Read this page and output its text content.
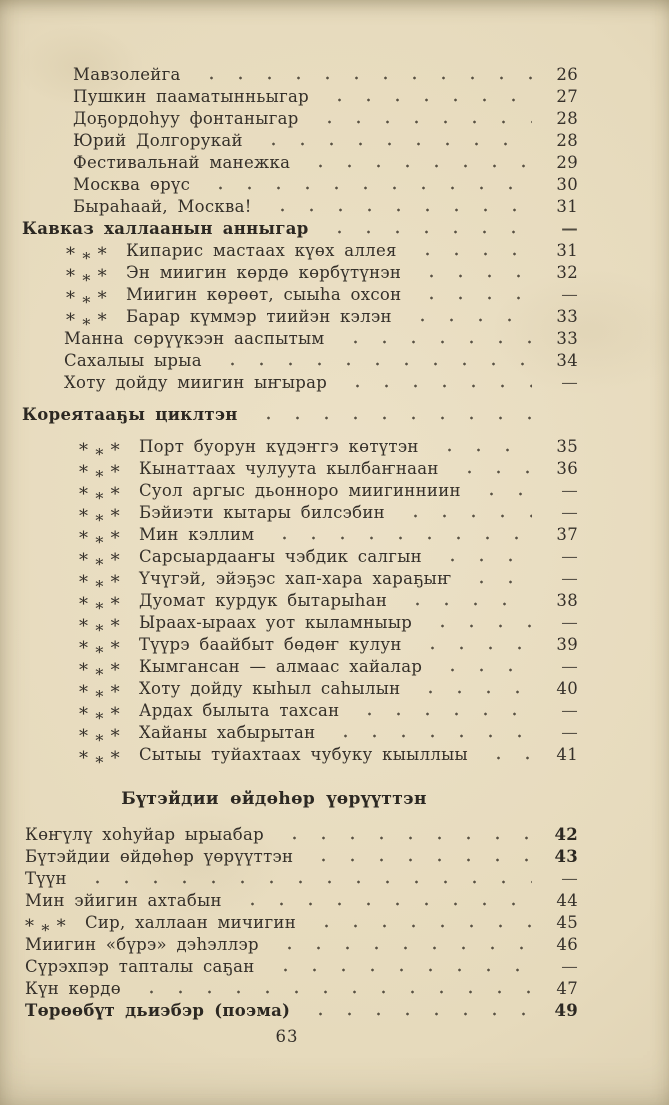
Мавзолейга	26
Пушкин пааматынньыгар	27
Доҕордоһуу фонтаныгар	28
Юрий Долгорукай	28
Фестивальнай манежка	29
Москва өрүс	30
Быраһаай, Москва!	31
Кавказ халлаанын анныгар	—
* * *	Кипарис мастаах күөх аллея	31
* * *	Эн миигин көрдө көрбүтүнэн	32
* * *	Миигин көрөөт, сыыһа охсон	—
* * *	Барар күммэр тиийэн кэлэн	33
Манна сөрүүкээн ааспытым	33
Сахалыы ырыа	34
Хоту дойду миигин ыҥырар	—
Кореятааҕы циклтэн
* * *	Порт буорун күдэҥгэ көтүтэн	35
* * *	Кынаттаах чулуута кылбаҥнаан	36
* * *	Суол аргыс дьонноро миигинниин	—
* * *	Бэйиэти кытары билсэбин	—
* * *	Мин кэллим	37
* * *	Сарсыардааҥы чэбдик салгын	—
* * *	Үчүгэй, эйэҕэс хап-хара хараҕыҥ	—
* * *	Дуомат курдук бытарыһан	38
* * *	Ыраах-ыраах уот кыламныыр	—
* * *	Түүрэ баайбыт бөдөҥ кулун	39
* * *	Кымгансан — алмаас хайалар	—
* * *	Хоту дойду кыһыл саһылын	40
* * *	Ардах былыта тахсан	—
* * *	Хайаны хабырытан	—
* * *	Сытыы туйахтаах чубуку кыыллыы	41
Бүтэйдии өйдөһөр үөрүүттэн
Көҥүлү хоһуйар ырыабар	42
Бүтэйдии өйдөһөр үөрүүттэн	43
Түүн	—
Мин эйигин ахтабын	44
* * *	Сир, халлаан мичигин	45
Миигин «бүрэ» дэһэллэр	46
Сүрэхпэр тапталы саҕан	—
Күн көрдө	47
Төрөөбүт дьиэбэр (поэма)	49
63
